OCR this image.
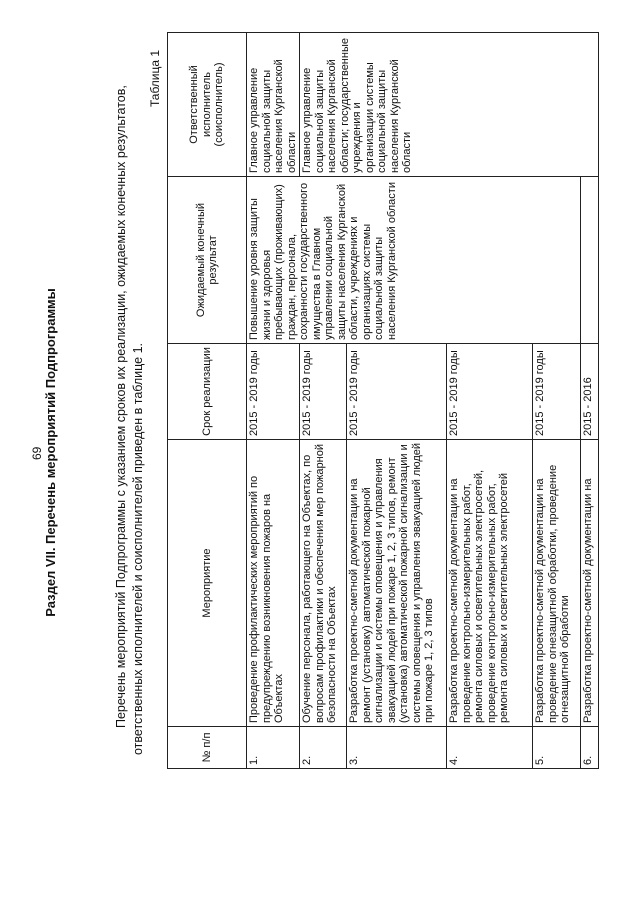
69 Раздел VII. Перечень мероприятий Подпрограммы	Перечень мероприятий Подпрограммы с указанием сроков их реализации, ожидаемых конечных результатов, ответственных исполнителей и соисполнителей приведен в таблице 1.
Таблица 1
№ п/п	Мероприятие	Срок реализации	Ожидаемый конечный результат	Ответственный исполнитель (соисполнитель)
1.	Проведение профилактических мероприятий по предупреждению возникновения пожаров на Объектах	2015 - 2019 годы	Повышение уровня защиты жизни и здоровья пребывающих (проживающих) граждан, персонала, сохранности государственного имущества в Главном управлении социальной защиты населения Курганской области, учреждениях и организациях системы социальной защиты населения Курганской области	Главное управление социальной защиты населения Курганской области
2.	Обучение персонала, работающего на Объектах, по вопросам профилактики и обеспечения мер пожарной безопасности на Объектах	2015 - 2019 годы		Главное управление социальной защиты населения Курганской области; государственные учреждения и организации системы социальной защиты населения Курганской области
3.	Разработка проектно-сметной документации на ремонт (установку) автоматической пожарной сигнализации и системы оповещения и управления эвакуацией людей при пожаре 1, 2, 3 типов, ремонт (установка) автоматической пожарной сигнализации и системы оповещения и управления эвакуацией людей при пожаре 1, 2, 3 типов	2015 - 2019 годы		
4.	Разработка проектно-сметной документации на проведение контрольно-измерительных работ, ремонта силовых и осветительных электросетей, проведение контрольно-измерительных работ, ремонта силовых и осветительных электросетей	2015 - 2019 годы		
5.	Разработка проектно-сметной документации на проведение огнезащитной обработки, проведение огнезащитной обработки	2015 - 2019 годы		
6.	Разработка проектно-сметной документации на	2015 - 2016		
